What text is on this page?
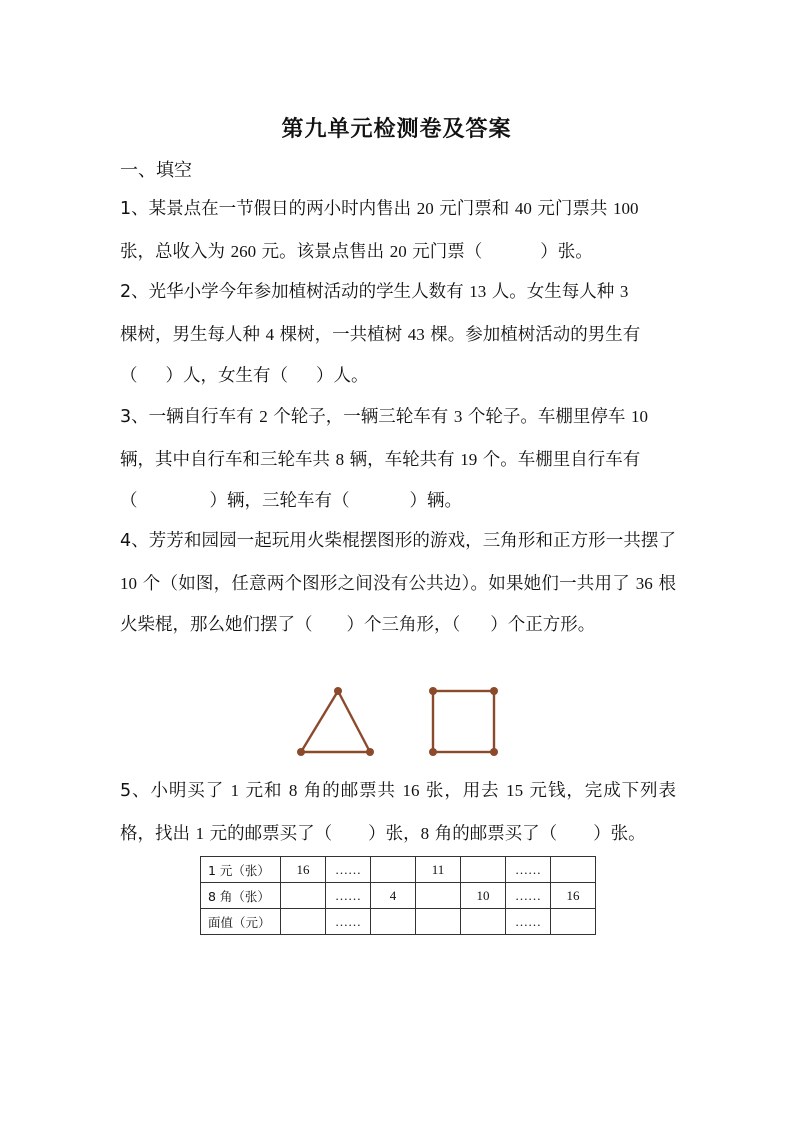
第九单元检测卷及答案
一、填空
1、某景点在一节假日的两小时内售出 20 元门票和 40 元门票共 100
张，总收入为 260 元。该景点售出 20 元门票（	）张。
2、光华小学今年参加植树活动的学生人数有 13 人。女生每人种 3
棵树，男生每人种 4 棵树，一共植树 43 棵。参加植树活动的男生有
（ ）人，女生有（ ）人。
3、一辆自行车有 2 个轮子，一辆三轮车有 3 个轮子。车棚里停车 10
辆，其中自行车和三轮车共 8 辆，车轮共有 19 个。车棚里自行车有
（	）辆，三轮车有（	）辆。
4、芳芳和园园一起玩用火柴棍摆图形的游戏，三角形和正方形一共摆了 10 个（如图，任意两个图形之间没有公共边）。如果她们一共用了 36 根火柴棍，那么她们摆了（ ）个三角形，（ ）个正方形。
5、小明买了 1 元和 8 角的邮票共 16 张，用去 15 元钱，完成下列表格，找出 1 元的邮票买了（ ）张，8 角的邮票买了（ ）张。
1 元（张）	16	……		11		……	
8 角（张）		……	4		10	……	16
面值（元）		……				……	
